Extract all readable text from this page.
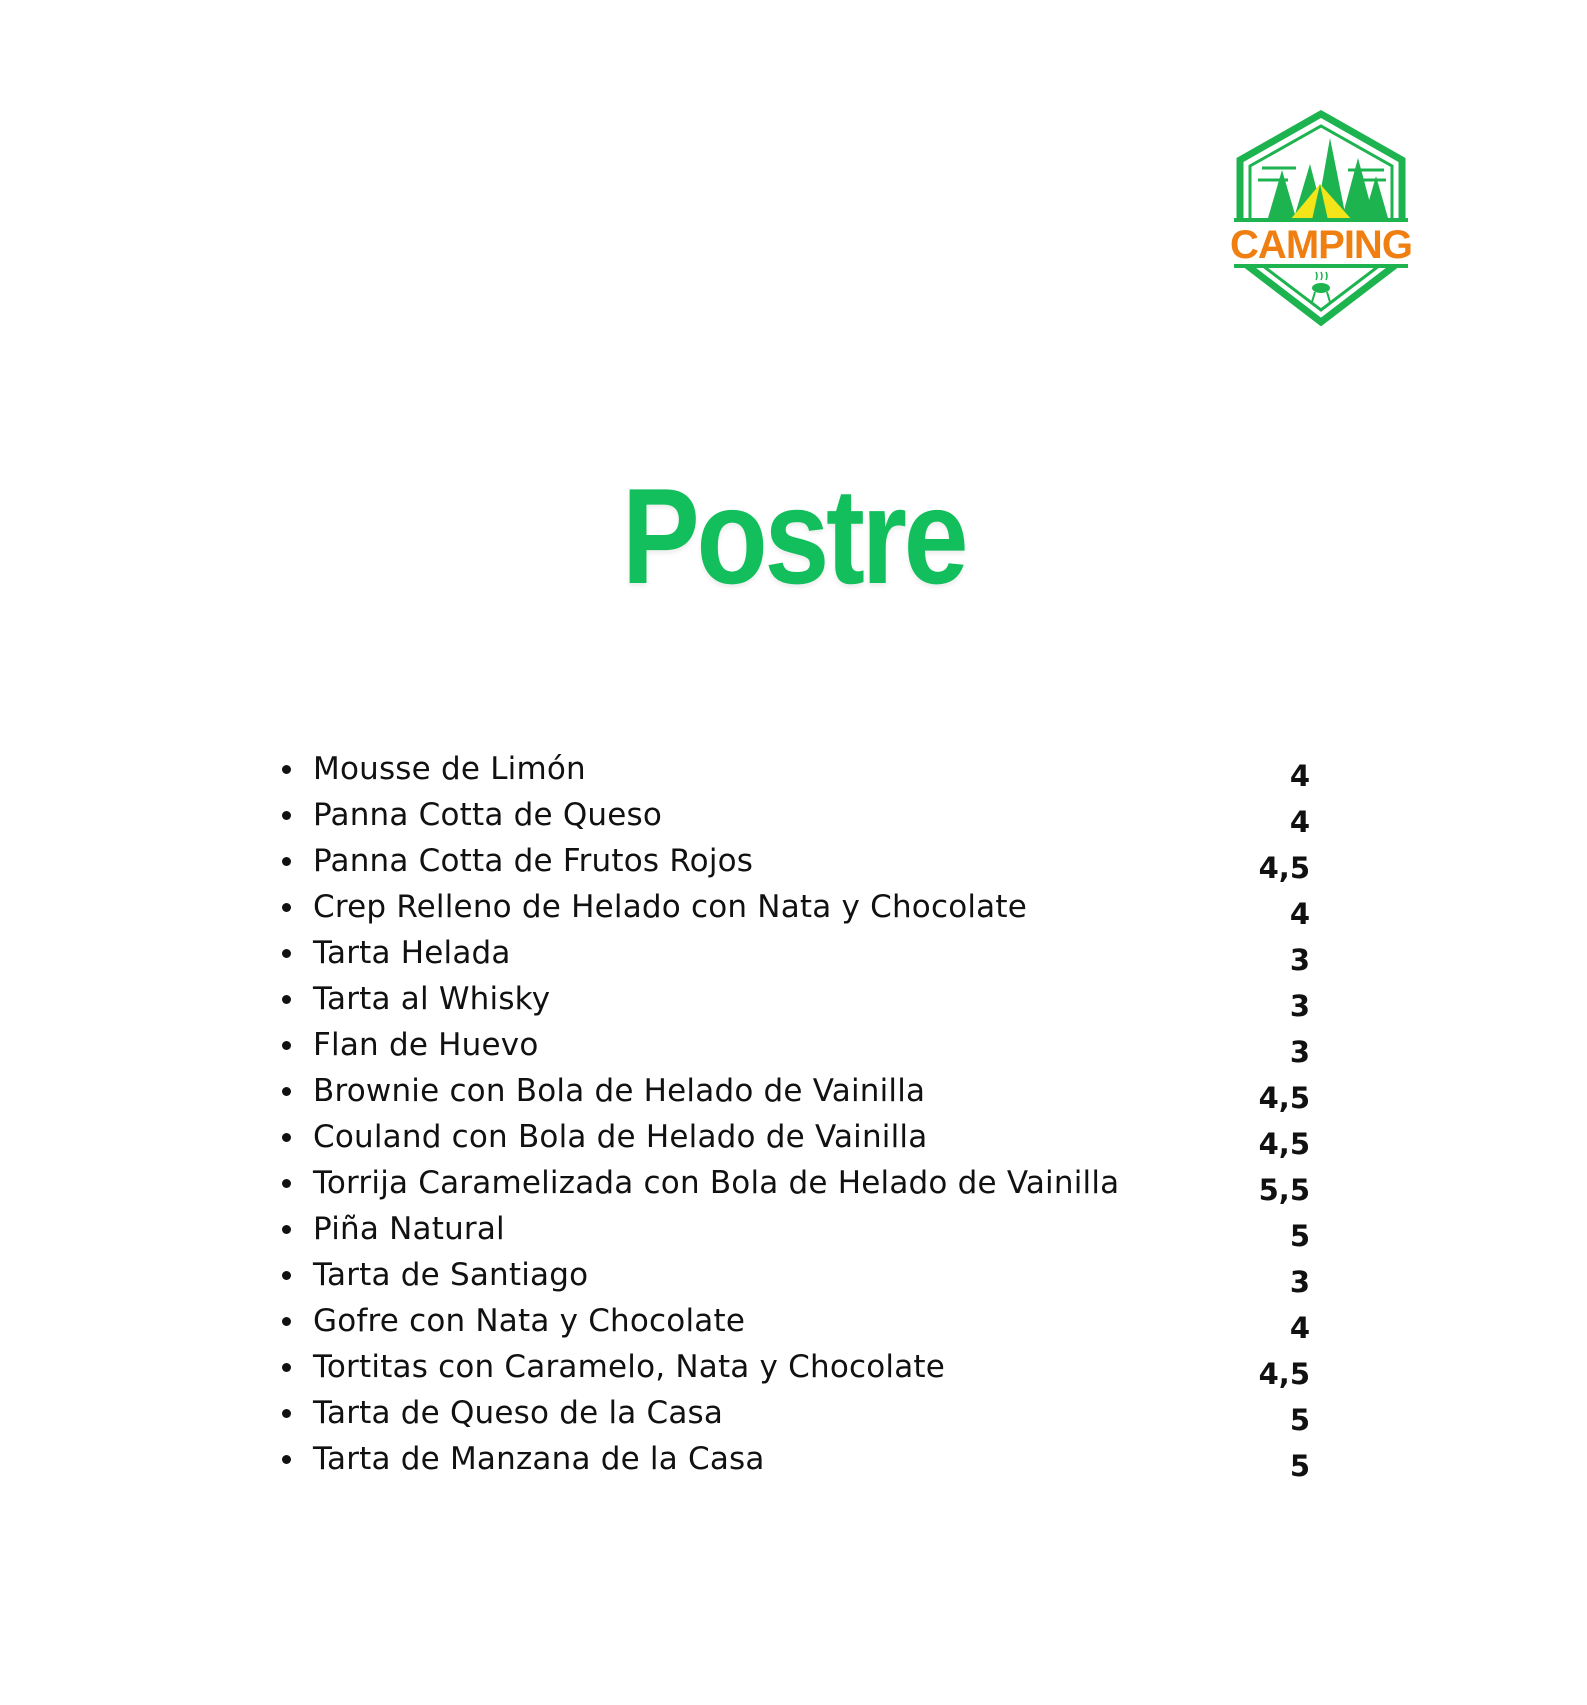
CAMPING
Postre
Mousse de Limón	4
Panna Cotta de Queso	4
Panna Cotta de Frutos Rojos	4,5
Crep Relleno de Helado con Nata y Chocolate	4
Tarta Helada	3
Tarta al Whisky	3
Flan de Huevo	3
Brownie con Bola de Helado de Vainilla	4,5
Couland con Bola de Helado de Vainilla	4,5
Torrija Caramelizada con Bola de Helado de Vainilla	5,5
Piña Natural	5
Tarta de Santiago	3
Gofre con Nata y Chocolate	4
Tortitas con Caramelo, Nata y Chocolate	4,5
Tarta de Queso de la Casa	5
Tarta de Manzana de la Casa	5
